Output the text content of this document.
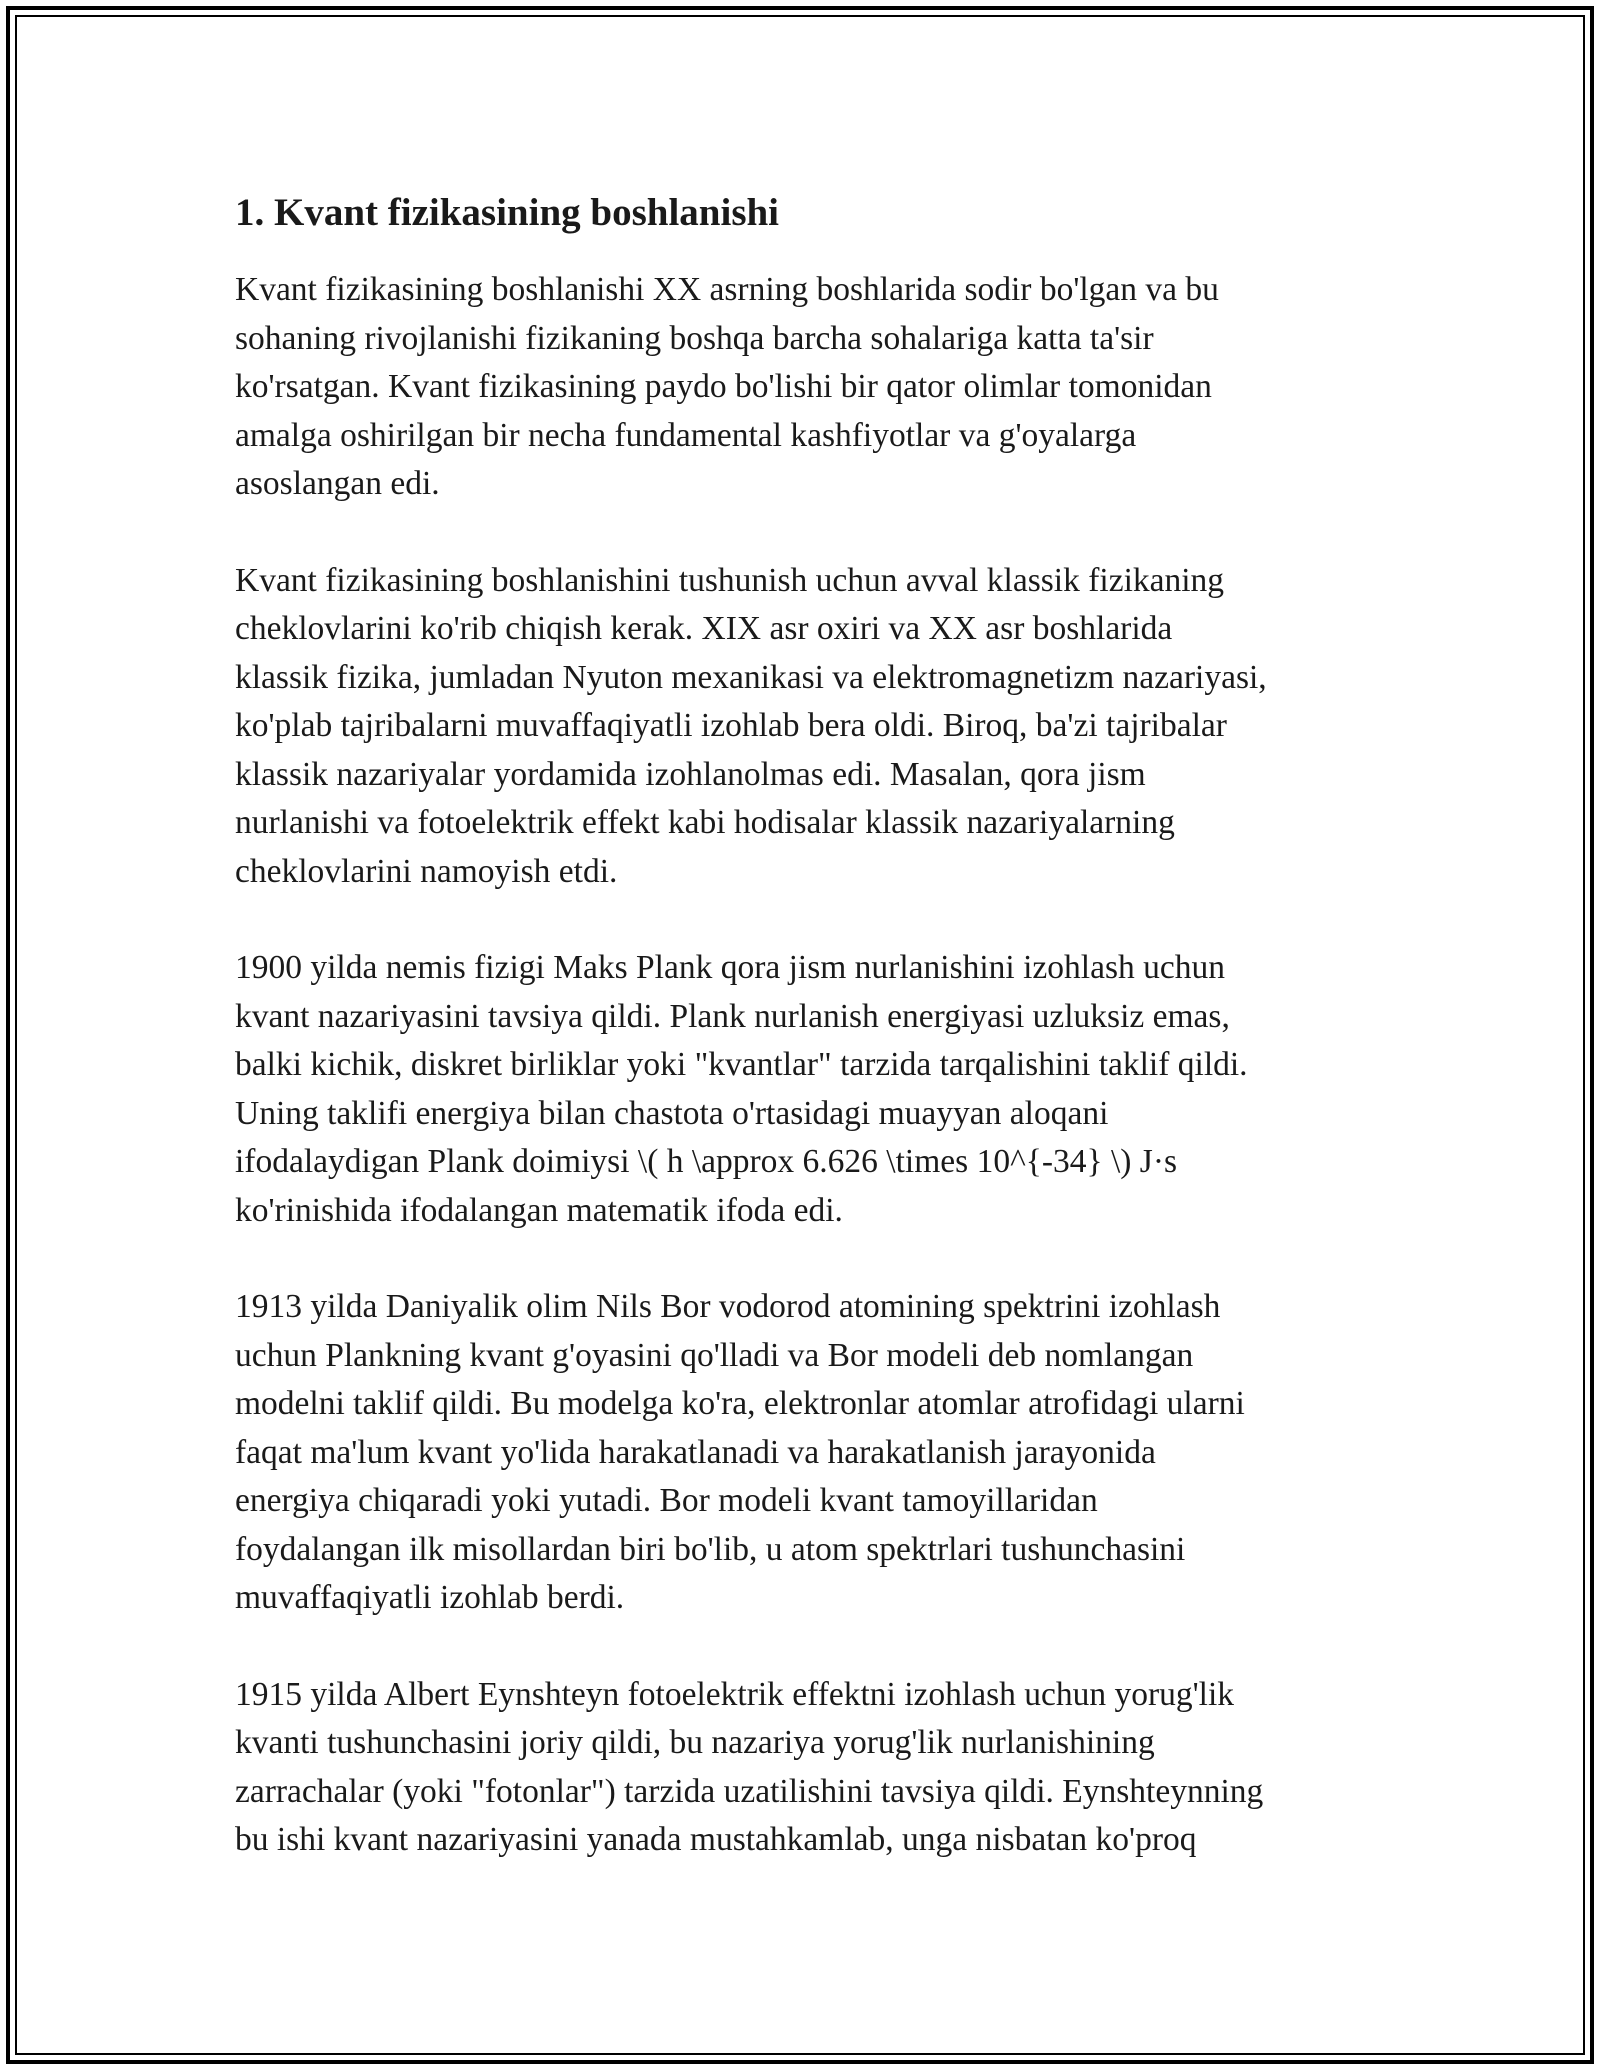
1. Kvant fizikasining boshlanishi

Kvant fizikasining boshlanishi XX asrning boshlarida sodir bo'lgan va bu
sohaning rivojlanishi fizikaning boshqa barcha sohalariga katta ta'sir
ko'rsatgan. Kvant fizikasining paydo bo'lishi bir qator olimlar tomonidan
amalga oshirilgan bir necha fundamental kashfiyotlar va g'oyalarga
asoslangan edi.

Kvant fizikasining boshlanishini tushunish uchun avval klassik fizikaning
cheklovlarini ko'rib chiqish kerak. XIX asr oxiri va XX asr boshlarida
klassik fizika, jumladan Nyuton mexanikasi va elektromagnetizm nazariyasi,
ko'plab tajribalarni muvaffaqiyatli izohlab bera oldi. Biroq, ba'zi tajribalar
klassik nazariyalar yordamida izohlanolmas edi. Masalan, qora jism
nurlanishi va fotoelektrik effekt kabi hodisalar klassik nazariyalarning
cheklovlarini namoyish etdi.

1900 yilda nemis fizigi Maks Plank qora jism nurlanishini izohlash uchun
kvant nazariyasini tavsiya qildi. Plank nurlanish energiyasi uzluksiz emas,
balki kichik, diskret birliklar yoki "kvantlar" tarzida tarqalishini taklif qildi.
Uning taklifi energiya bilan chastota o'rtasidagi muayyan aloqani
ifodalaydigan Plank doimiysi \( h \approx 6.626 \times 10^{-34} \) J·s
ko'rinishida ifodalangan matematik ifoda edi.

1913 yilda Daniyalik olim Nils Bor vodorod atomining spektrini izohlash
uchun Plankning kvant g'oyasini qo'lladi va Bor modeli deb nomlangan
modelni taklif qildi. Bu modelga ko'ra, elektronlar atomlar atrofidagi ularni
faqat ma'lum kvant yo'lida harakatlanadi va harakatlanish jarayonida
energiya chiqaradi yoki yutadi. Bor modeli kvant tamoyillaridan
foydalangan ilk misollardan biri bo'lib, u atom spektrlari tushunchasini
muvaffaqiyatli izohlab berdi.

1915 yilda Albert Eynshteyn fotoelektrik effektni izohlash uchun yorug'lik
kvanti tushunchasini joriy qildi, bu nazariya yorug'lik nurlanishining
zarrachalar (yoki "fotonlar") tarzida uzatilishini tavsiya qildi. Eynshteynning
bu ishi kvant nazariyasini yanada mustahkamlab, unga nisbatan ko'proq
